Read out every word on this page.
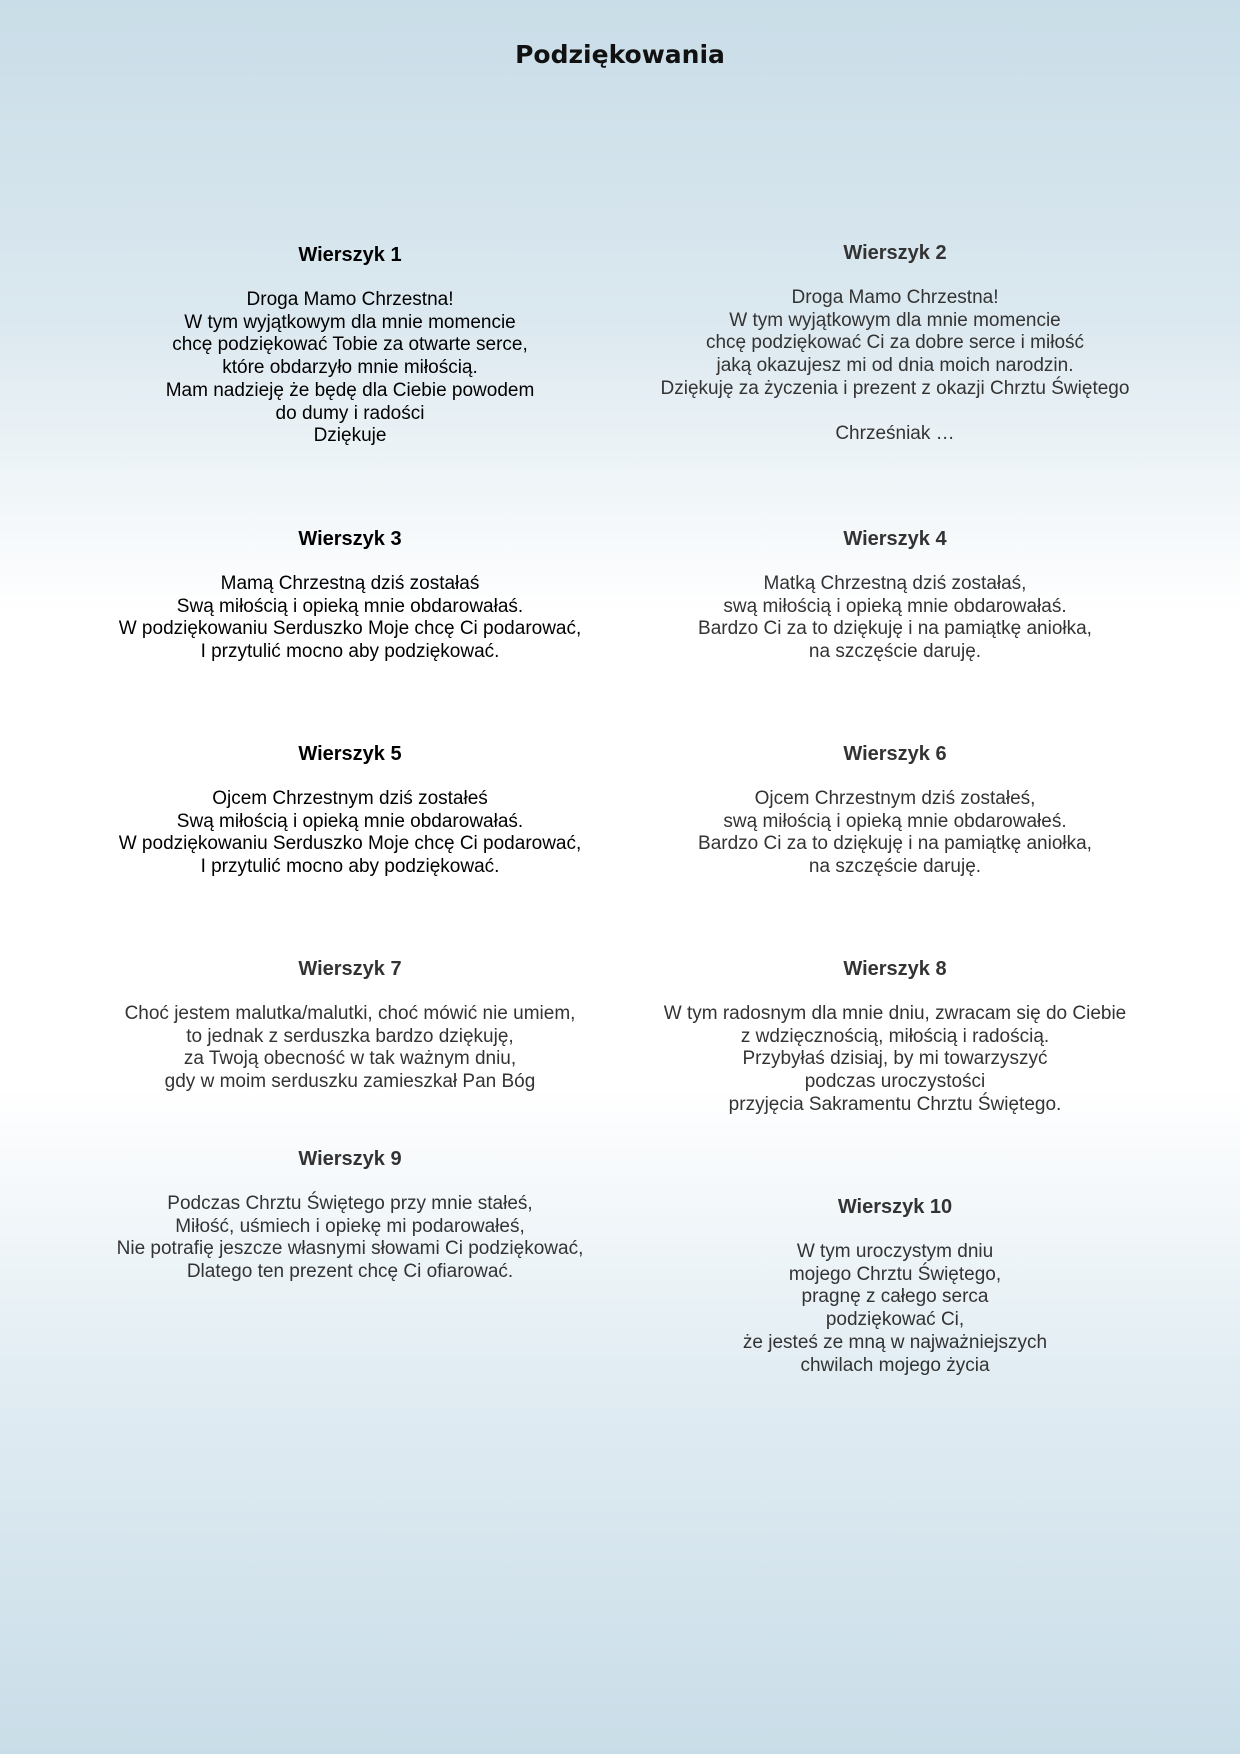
Podziękowania
Wierszyk 1
Droga Mamo Chrzestna!
W tym wyjątkowym dla mnie momencie
chcę podziękować Tobie za otwarte serce,
które obdarzyło mnie miłością.
Mam nadzieję że będę dla Ciebie powodem
do dumy i radości
Dziękuje
Wierszyk 2
Droga Mamo Chrzestna!
W tym wyjątkowym dla mnie momencie
chcę podziękować Ci za dobre serce i miłość
jaką okazujesz mi od dnia moich narodzin.
Dziękuję za życzenia i prezent z okazji Chrztu Świętego
Chrześniak …
Wierszyk 3
Mamą Chrzestną dziś zostałaś
Swą miłością i opieką mnie obdarowałaś.
W podziękowaniu Serduszko Moje chcę Ci podarować,
I przytulić mocno aby podziękować.
Wierszyk 4
Matką Chrzestną dziś zostałaś,
swą miłością i opieką mnie obdarowałaś.
Bardzo Ci za to dziękuję i na pamiątkę aniołka,
na szczęście daruję.
Wierszyk 5
Ojcem Chrzestnym dziś zostałeś
Swą miłością i opieką mnie obdarowałaś.
W podziękowaniu Serduszko Moje chcę Ci podarować,
I przytulić mocno aby podziękować.
Wierszyk 6
Ojcem Chrzestnym dziś zostałeś,
swą miłością i opieką mnie obdarowałeś.
Bardzo Ci za to dziękuję i na pamiątkę aniołka,
na szczęście daruję.
Wierszyk 7
Choć jestem malutka/malutki, choć mówić nie umiem,
to jednak z serduszka bardzo dziękuję,
za Twoją obecność w tak ważnym dniu,
gdy w moim serduszku zamieszkał Pan Bóg
Wierszyk 8
W tym radosnym dla mnie dniu, zwracam się do Ciebie
z wdzięcznością, miłością i radością.
Przybyłaś dzisiaj, by mi towarzyszyć
podczas uroczystości
przyjęcia Sakramentu Chrztu Świętego.
Wierszyk 9
Podczas Chrztu Świętego przy mnie stałeś,
Miłość, uśmiech i opiekę mi podarowałeś,
Nie potrafię jeszcze własnymi słowami Ci podziękować,
Dlatego ten prezent chcę Ci ofiarować.
Wierszyk 10
W tym uroczystym dniu
mojego Chrztu Świętego,
pragnę z całego serca
podziękować Ci,
że jesteś ze mną w najważniejszych
chwilach mojego życia
